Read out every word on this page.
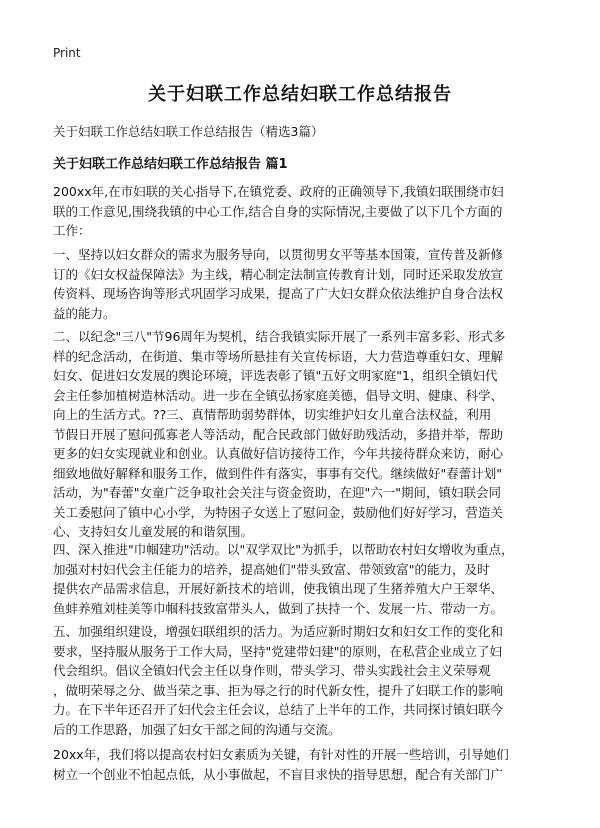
Print
关于妇联工作总结妇联工作总结报告
关于妇联工作总结妇联工作总结报告（精选3篇）
关于妇联工作总结妇联工作总结报告 篇1
200xx年,在市妇联的关心指导下,在镇党委、政府的正确领导下,我镇妇联围绕市妇
联的工作意见,围绕我镇的中心工作,结合自身的实际情况,主要做了以下几个方面的
工作：
一、坚持以妇女群众的需求为服务导向，以贯彻男女平等基本国策，宣传普及新修
订的《妇女权益保障法》为主线，精心制定法制宣传教育计划，同时还采取发放宣
传资料、现场咨询等形式巩固学习成果，提高了广大妇女群众依法维护自身合法权
益的能力。
二、以纪念"三八"节96周年为契机，结合我镇实际开展了一系列丰富多彩、形式多
样的纪念活动，在街道、集市等场所悬挂有关宣传标语，大力营造尊重妇女、理解
妇女、促进妇女发展的舆论环境，评选表彰了镇"五好文明家庭"1，组织全镇妇代
会主任参加植树造林活动。进一步在全镇弘扬家庭美德，倡导文明、健康、科学、
向上的生活方式。??三、真情帮助弱势群体，切实维护妇女儿童合法权益，利用
节假日开展了慰问孤寡老人等活动，配合民政部门做好助残活动，多措并举，帮助
更多的妇女实现就业和创业。认真做好信访接待工作，今年共接待群众来访，耐心
细致地做好解释和服务工作，做到件件有落实，事事有交代。继续做好"春蕾计划"
活动，为"春蕾"女童广泛争取社会关注与资金资助，在迎"六一"期间，镇妇联会同
关工委慰问了镇中心小学，为特困子女送上了慰问金，鼓励他们好好学习，营造关
心、支持妇女儿童发展的和谐氛围。
四、深入推进"巾帼建功"活动。以"双学双比"为抓手，以帮助农村妇女增收为重点，
加强对村妇代会主任能力的培养，提高她们"带头致富、带领致富"的能力，及时
提供农产品需求信息，开展好新技术的培训，使我镇出现了生猪养殖大户王翠华、
鱼蚌养殖刘桂美等巾帼科技致富带头人，做到了扶持一个、发展一片、带动一方。
五、加强组织建设，增强妇联组织的活力。为适应新时期妇女和妇女工作的变化和
要求，坚持服从服务于工作大局，坚持"党建带妇建"的原则，在私营企业成立了妇
代会组织。倡议全镇妇代会主任以身作则，带头学习、带头实践社会主义荣辱观
，做明荣辱之分、做当荣之事、拒为辱之行的时代新女性，提升了妇联工作的影响
力。在下半年还召开了妇代会主任会议，总结了上半年的工作，共同探讨镇妇联今
后的工作思路，加强了妇女干部之间的沟通与交流。
20xx年，我们将以提高农村妇女素质为关键，有针对性的开展一些培训，引导她们
树立一个创业不怕起点低，从小事做起，不盲目求快的指导思想，配合有关部门广
